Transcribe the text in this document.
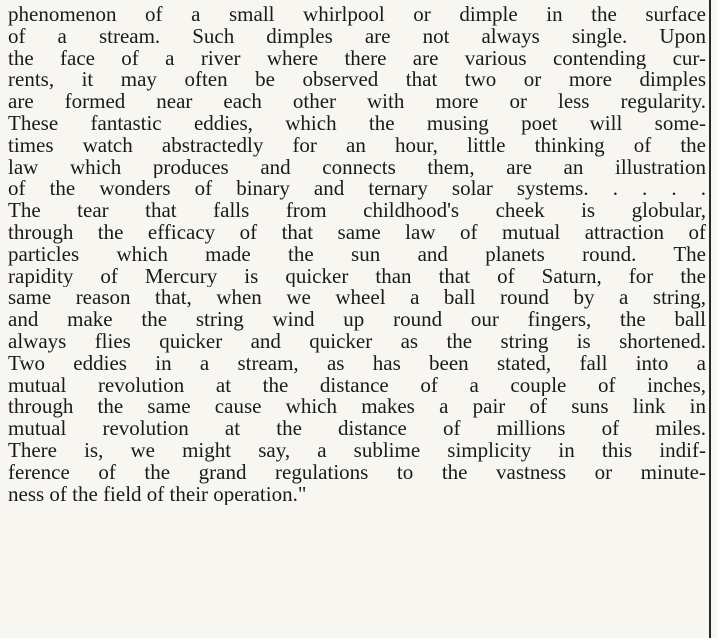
phenomenon of a small whirlpool or dimple in the surface
of a stream. Such dimples are not always single. Upon
the face of a river where there are various contending cur-
rents, it may often be observed that two or more dimples
are formed near each other with more or less regularity.
These fantastic eddies, which the musing poet will some-
times watch abstractedly for an hour, little thinking of the
law which produces and connects them, are an illustration
of the wonders of binary and ternary solar systems. . . . .
The tear that falls from childhood's cheek is globular,
through the efficacy of that same law of mutual attraction of
particles which made the sun and planets round. The
rapidity of Mercury is quicker than that of Saturn, for the
same reason that, when we wheel a ball round by a string,
and make the string wind up round our fingers, the ball
always flies quicker and quicker as the string is shortened.
Two eddies in a stream, as has been stated, fall into a
mutual revolution at the distance of a couple of inches,
through the same cause which makes a pair of suns link in
mutual revolution at the distance of millions of miles.
There is, we might say, a sublime simplicity in this indif-
ference of the grand regulations to the vastness or minute-
ness of the field of their operation."
